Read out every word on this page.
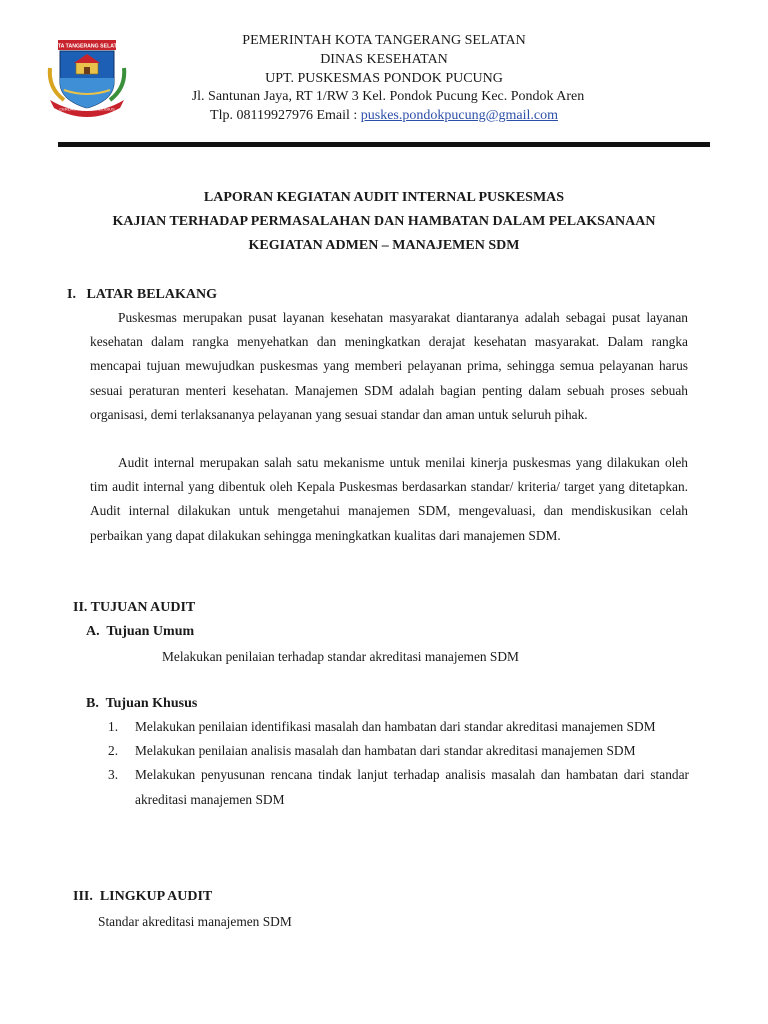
KOTA TANGERANG SELATAN
CERDAS MODERN RELIGIUS
PEMERINTAH KOTA TANGERANG SELATAN
DINAS KESEHATAN
UPT. PUSKESMAS PONDOK PUCUNG
Jl. Santunan Jaya, RT 1/RW 3 Kel. Pondok Pucung Kec. Pondok Aren
Tlp. 08119927976 Email : puskes.pondokpucung@gmail.com
LAPORAN KEGIATAN AUDIT INTERNAL PUSKESMAS
KAJIAN TERHADAP PERMASALAHAN DAN HAMBATAN DALAM PELAKSANAAN
KEGIATAN ADMEN – MANAJEMEN SDM
I.   LATAR BELAKANG
Puskesmas merupakan pusat layanan kesehatan masyarakat diantaranya adalah sebagai pusat layanan kesehatan dalam rangka menyehatkan dan meningkatkan derajat kesehatan masyarakat. Dalam rangka mencapai tujuan mewujudkan puskesmas yang memberi pelayanan prima, sehingga semua pelayanan harus sesuai peraturan menteri kesehatan. Manajemen SDM adalah bagian penting dalam sebuah proses sebuah organisasi, demi terlaksananya pelayanan yang sesuai standar dan aman untuk seluruh pihak.
Audit internal merupakan salah satu mekanisme untuk menilai kinerja puskesmas yang dilakukan oleh tim audit internal yang dibentuk oleh Kepala Puskesmas berdasarkan standar/ kriteria/ target yang ditetapkan. Audit internal dilakukan untuk mengetahui manajemen SDM, mengevaluasi, dan mendiskusikan celah perbaikan yang dapat dilakukan sehingga meningkatkan kualitas dari manajemen SDM.
II. TUJUAN AUDIT
A.  Tujuan Umum
Melakukan penilaian terhadap standar akreditasi manajemen SDM
B.  Tujuan Khusus
1. Melakukan penilaian identifikasi masalah dan hambatan dari standar akreditasi manajemen SDM
2. Melakukan penilaian analisis masalah dan hambatan dari standar akreditasi manajemen SDM
3. Melakukan penyusunan rencana tindak lanjut terhadap analisis masalah dan hambatan dari standar akreditasi manajemen SDM
III.  LINGKUP AUDIT
Standar akreditasi manajemen SDM
